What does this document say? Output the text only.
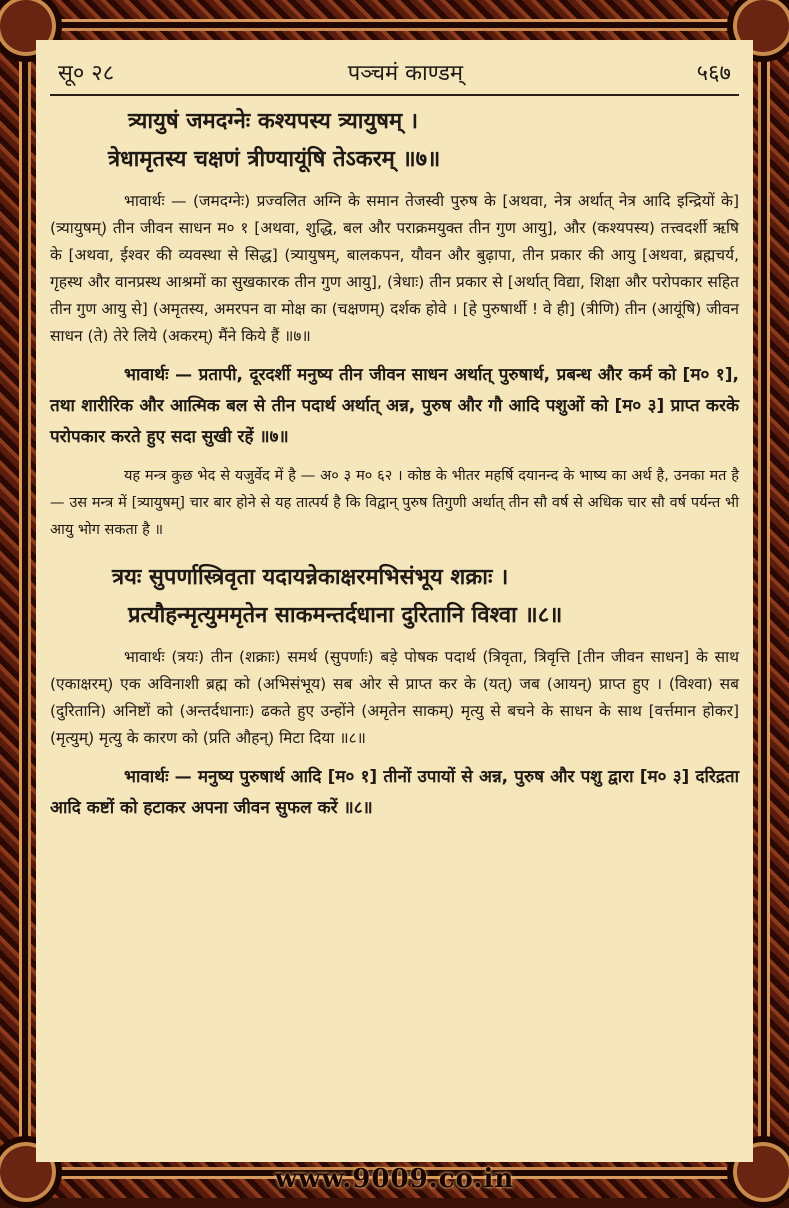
सू० २८	पञ्चमं काण्डम्	५६७

त्र्यायुषं जमदग्नेः कश्यपस्य त्र्यायुषम् ।

त्रेधामृतस्य चक्षणं त्रीण्यायूंषि तेऽकरम् ॥७॥

भावार्थः — (जमदग्नेः) प्रज्वलित अग्नि के समान तेजस्वी पुरुष के [अथवा, नेत्र अर्थात् नेत्र आदि इन्द्रियों के] (त्र्यायुषम्) तीन जीवन साधन म० १ [अथवा, शुद्धि, बल और पराक्रमयुक्त तीन गुण आयु], और (कश्यपस्य) तत्त्वदर्शी ऋषि के [अथवा, ईश्वर की व्यवस्था से सिद्ध] (त्र्यायुषम्, बालकपन, यौवन और बुढ़ापा, तीन प्रकार की आयु [अथवा, ब्रह्मचर्य, गृहस्थ और वानप्रस्थ आश्रमों का सुखकारक तीन गुण आयु], (त्रेधाः) तीन प्रकार से [अर्थात् विद्या, शिक्षा और परोपकार सहित तीन गुण आयु से] (अमृतस्य, अमरपन वा मोक्ष का (चक्षणम्) दर्शक होवे । [हे पुरुषार्थी ! वे ही] (त्रीणि) तीन (आयूंषि) जीवन साधन (ते) तेरे लिये (अकरम्) मैंने किये हैं ॥७॥

भावार्थः — प्रतापी, दूरदर्शी मनुष्य तीन जीवन साधन अर्थात् पुरुषार्थ, प्रबन्ध और कर्म को [म० १], तथा शारीरिक और आत्मिक बल से तीन पदार्थ अर्थात् अन्न, पुरुष और गौ आदि पशुओं को [म० ३] प्राप्त करके परोपकार करते हुए सदा सुखी रहें ॥७॥

यह मन्त्र कुछ भेद से यजुर्वेद में है — अ० ३ म० ६२ । कोष्ठ के भीतर महर्षि दयानन्द के भाष्य का अर्थ है, उनका मत है — उस मन्त्र में [त्र्यायुषम्] चार बार होने से यह तात्पर्य है कि विद्वान् पुरुष तिगुणी अर्थात् तीन सौ वर्ष से अधिक चार सौ वर्ष पर्यन्त भी आयु भोग सकता है ॥

त्रयः सुपर्णास्त्रिवृता यदायन्नेकाक्षरमभिसंभूय शक्राः ।

प्रत्यौहन्मृत्युममृतेन साकमन्तर्दधाना दुरितानि विश्वा ॥८॥

भावार्थः (त्रयः) तीन (शक्राः) समर्थ (सुपर्णाः) बड़े पोषक पदार्थ (त्रिवृता, त्रिवृत्ति [तीन जीवन साधन] के साथ (एकाक्षरम्) एक अविनाशी ब्रह्म को (अभिसंभूय) सब ओर से प्राप्त कर के (यत्) जब (आयन्) प्राप्त हुए । (विश्वा) सब (दुरितानि) अनिष्टों को (अन्तर्दधानाः) ढकते हुए उन्होंने (अमृतेन साकम्) मृत्यु से बचने के साधन के साथ [वर्त्तमान होकर] (मृत्युम्) मृत्यु के कारण को (प्रति औहन्) मिटा दिया ॥८॥

भावार्थः — मनुष्य पुरुषार्थ आदि [म० १] तीनों उपायों से अन्न, पुरुष और पशु द्वारा [म० ३] दरिद्रता आदि कष्टों को हटाकर अपना जीवन सुफल करें ॥८॥

www.9009.co.in
